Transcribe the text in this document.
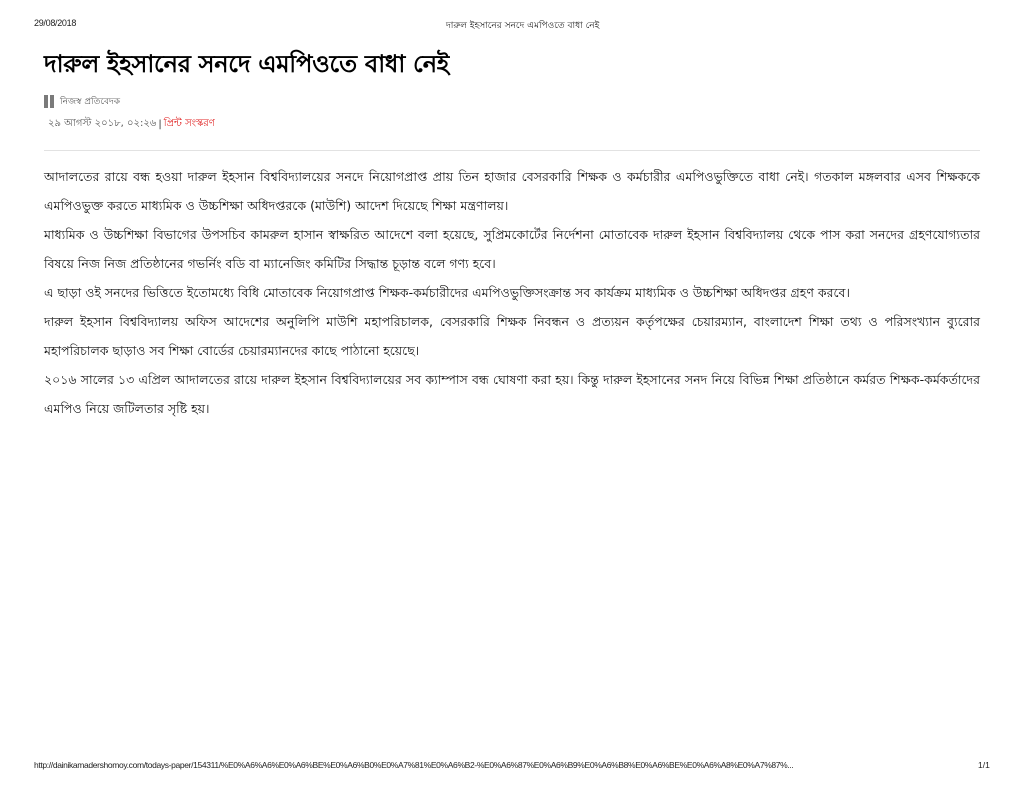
29/08/2018	দারুল ইহসানের সনদে এমপিওতে বাধা নেই
দারুল ইহসানের সনদে এমপিওতে বাধা নেই
নিজস্ব প্রতিবেদক
২৯ আগস্ট ২০১৮, ০২:২৬ | প্রিন্ট সংস্করণ

আদালতের রায়ে বন্ধ হওয়া দারুল ইহসান বিশ্ববিদ্যালয়ের সনদে নিয়োগপ্রাপ্ত প্রায় তিন হাজার বেসরকারি শিক্ষক ও কর্মচারীর এমপিওভুক্তিতে বাধা নেই। গতকাল মঙ্গলবার এসব শিক্ষককে এমপিওভুক্ত করতে মাধ্যমিক ও উচ্চশিক্ষা অধিদপ্তরকে (মাউশি) আদেশ দিয়েছে শিক্ষা মন্ত্রণালয়।

মাধ্যমিক ও উচ্চশিক্ষা বিভাগের উপসচিব কামরুল হাসান স্বাক্ষরিত আদেশে বলা হয়েছে, সুপ্রিমকোর্টের নির্দেশনা মোতাবেক দারুল ইহসান বিশ্ববিদ্যালয় থেকে পাস করা সনদের গ্রহণযোগ্যতার বিষয়ে নিজ নিজ প্রতিষ্ঠানের গভর্নিং বডি বা ম্যানেজিং কমিটির সিদ্ধান্ত চূড়ান্ত বলে গণ্য হবে।

এ ছাড়া ওই সনদের ভিত্তিতে ইতোমধ্যে বিধি মোতাবেক নিয়োগপ্রাপ্ত শিক্ষক-কর্মচারীদের এমপিওভুক্তিসংক্রান্ত সব কার্যক্রম মাধ্যমিক ও উচ্চশিক্ষা অধিদপ্তর গ্রহণ করবে।

দারুল ইহসান বিশ্ববিদ্যালয় অফিস আদেশের অনুলিপি মাউশি মহাপরিচালক, বেসরকারি শিক্ষক নিবন্ধন ও প্রত্যয়ন কর্তৃপক্ষের চেয়ারম্যান, বাংলাদেশ শিক্ষা তথ্য ও পরিসংখ্যান ব্যুরোর মহাপরিচালক ছাড়াও সব শিক্ষা বোর্ডের চেয়ারম্যানদের কাছে পাঠানো হয়েছে।

২০১৬ সালের ১৩ এপ্রিল আদালতের রায়ে দারুল ইহসান বিশ্ববিদ্যালয়ের সব ক্যাম্পাস বন্ধ ঘোষণা করা হয়। কিন্তু দারুল ইহসানের সনদ নিয়ে বিভিন্ন শিক্ষা প্রতিষ্ঠানে কর্মরত শিক্ষক-কর্মকর্তাদের এমপিও নিয়ে জটিলতার সৃষ্টি হয়।

http://dainikamadershomoy.com/todays-paper/154311/%E0%A6%A6%E0%A6%BE%E0%A6%B0%E0%A7%81%E0%A6%B2-%E0%A6%87%E0%A6%B9%E0%A6%B8%E0%A6%BE%E0%A6%A8%E0%A7%87%...	1/1
